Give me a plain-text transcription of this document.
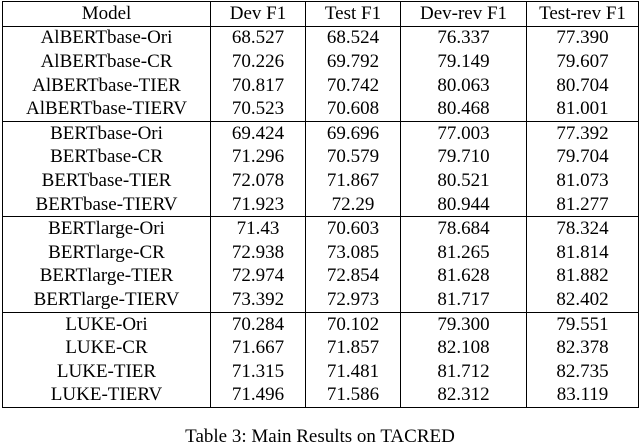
Model	Dev F1	Test F1	Dev-rev F1	Test-rev F1
AlBERTbase-Ori	68.527	68.524	76.337	77.390
AlBERTbase-CR	70.226	69.792	79.149	79.607
AlBERTbase-TIER	70.817	70.742	80.063	80.704
AlBERTbase-TIERV	70.523	70.608	80.468	81.001
BERTbase-Ori	69.424	69.696	77.003	77.392
BERTbase-CR	71.296	70.579	79.710	79.704
BERTbase-TIER	72.078	71.867	80.521	81.073
BERTbase-TIERV	71.923	72.29	80.944	81.277
BERTlarge-Ori	71.43	70.603	78.684	78.324
BERTlarge-CR	72.938	73.085	81.265	81.814
BERTlarge-TIER	72.974	72.854	81.628	81.882
BERTlarge-TIERV	73.392	72.973	81.717	82.402
LUKE-Ori	70.284	70.102	79.300	79.551
LUKE-CR	71.667	71.857	82.108	82.378
LUKE-TIER	71.315	71.481	81.712	82.735
LUKE-TIERV	71.496	71.586	82.312	83.119
Table 3: Main Results on TACRED
